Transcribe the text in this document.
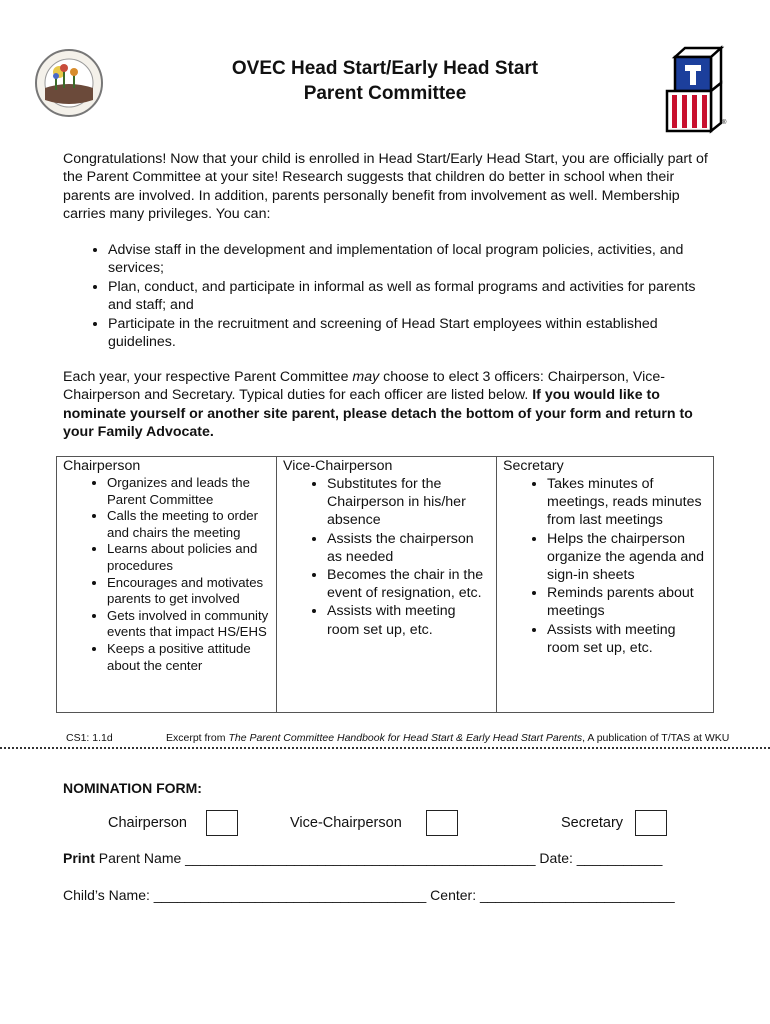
®
OVEC Head Start/Early Head Start
Parent Committee
Congratulations! Now that your child is enrolled in Head Start/Early Head Start, you are officially part of the Parent Committee at your site! Research suggests that children do better in school when their parents are involved. In addition, parents personally benefit from involvement as well. Membership carries many privileges. You can:
• Advise staff in the development and implementation of local program policies, activities, and services;
• Plan, conduct, and participate in informal as well as formal programs and activities for parents and staff; and
• Participate in the recruitment and screening of Head Start employees within established guidelines.
Each year, your respective Parent Committee may choose to elect 3 officers: Chairperson, Vice-Chairperson and Secretary. Typical duties for each officer are listed below. If you would like to nominate yourself or another site parent, please detach the bottom of your form and return to your Family Advocate.
Chairperson
• Organizes and leads the Parent Committee
• Calls the meeting to order and chairs the meeting
• Learns about policies and procedures
• Encourages and motivates parents to get involved
• Gets involved in community events that impact HS/EHS
• Keeps a positive attitude about the center

Vice-Chairperson
• Substitutes for the Chairperson in his/her absence
• Assists the chairperson as needed
• Becomes the chair in the event of resignation, etc.
• Assists with meeting room set up, etc.

Secretary
• Takes minutes of meetings, reads minutes from last meetings
• Helps the chairperson organize the agenda and sign-in sheets
• Reminds parents about meetings
• Assists with meeting room set up, etc.
CS1: 1.1d	Excerpt from The Parent Committee Handbook for Head Start & Early Head Start Parents, A publication of T/TAS at WKU
NOMINATION FORM:
Chairperson	Vice-Chairperson	Secretary
Print Parent Name _____________________________________________ Date: ___________
Child’s Name: ___________________________________ Center: _________________________
